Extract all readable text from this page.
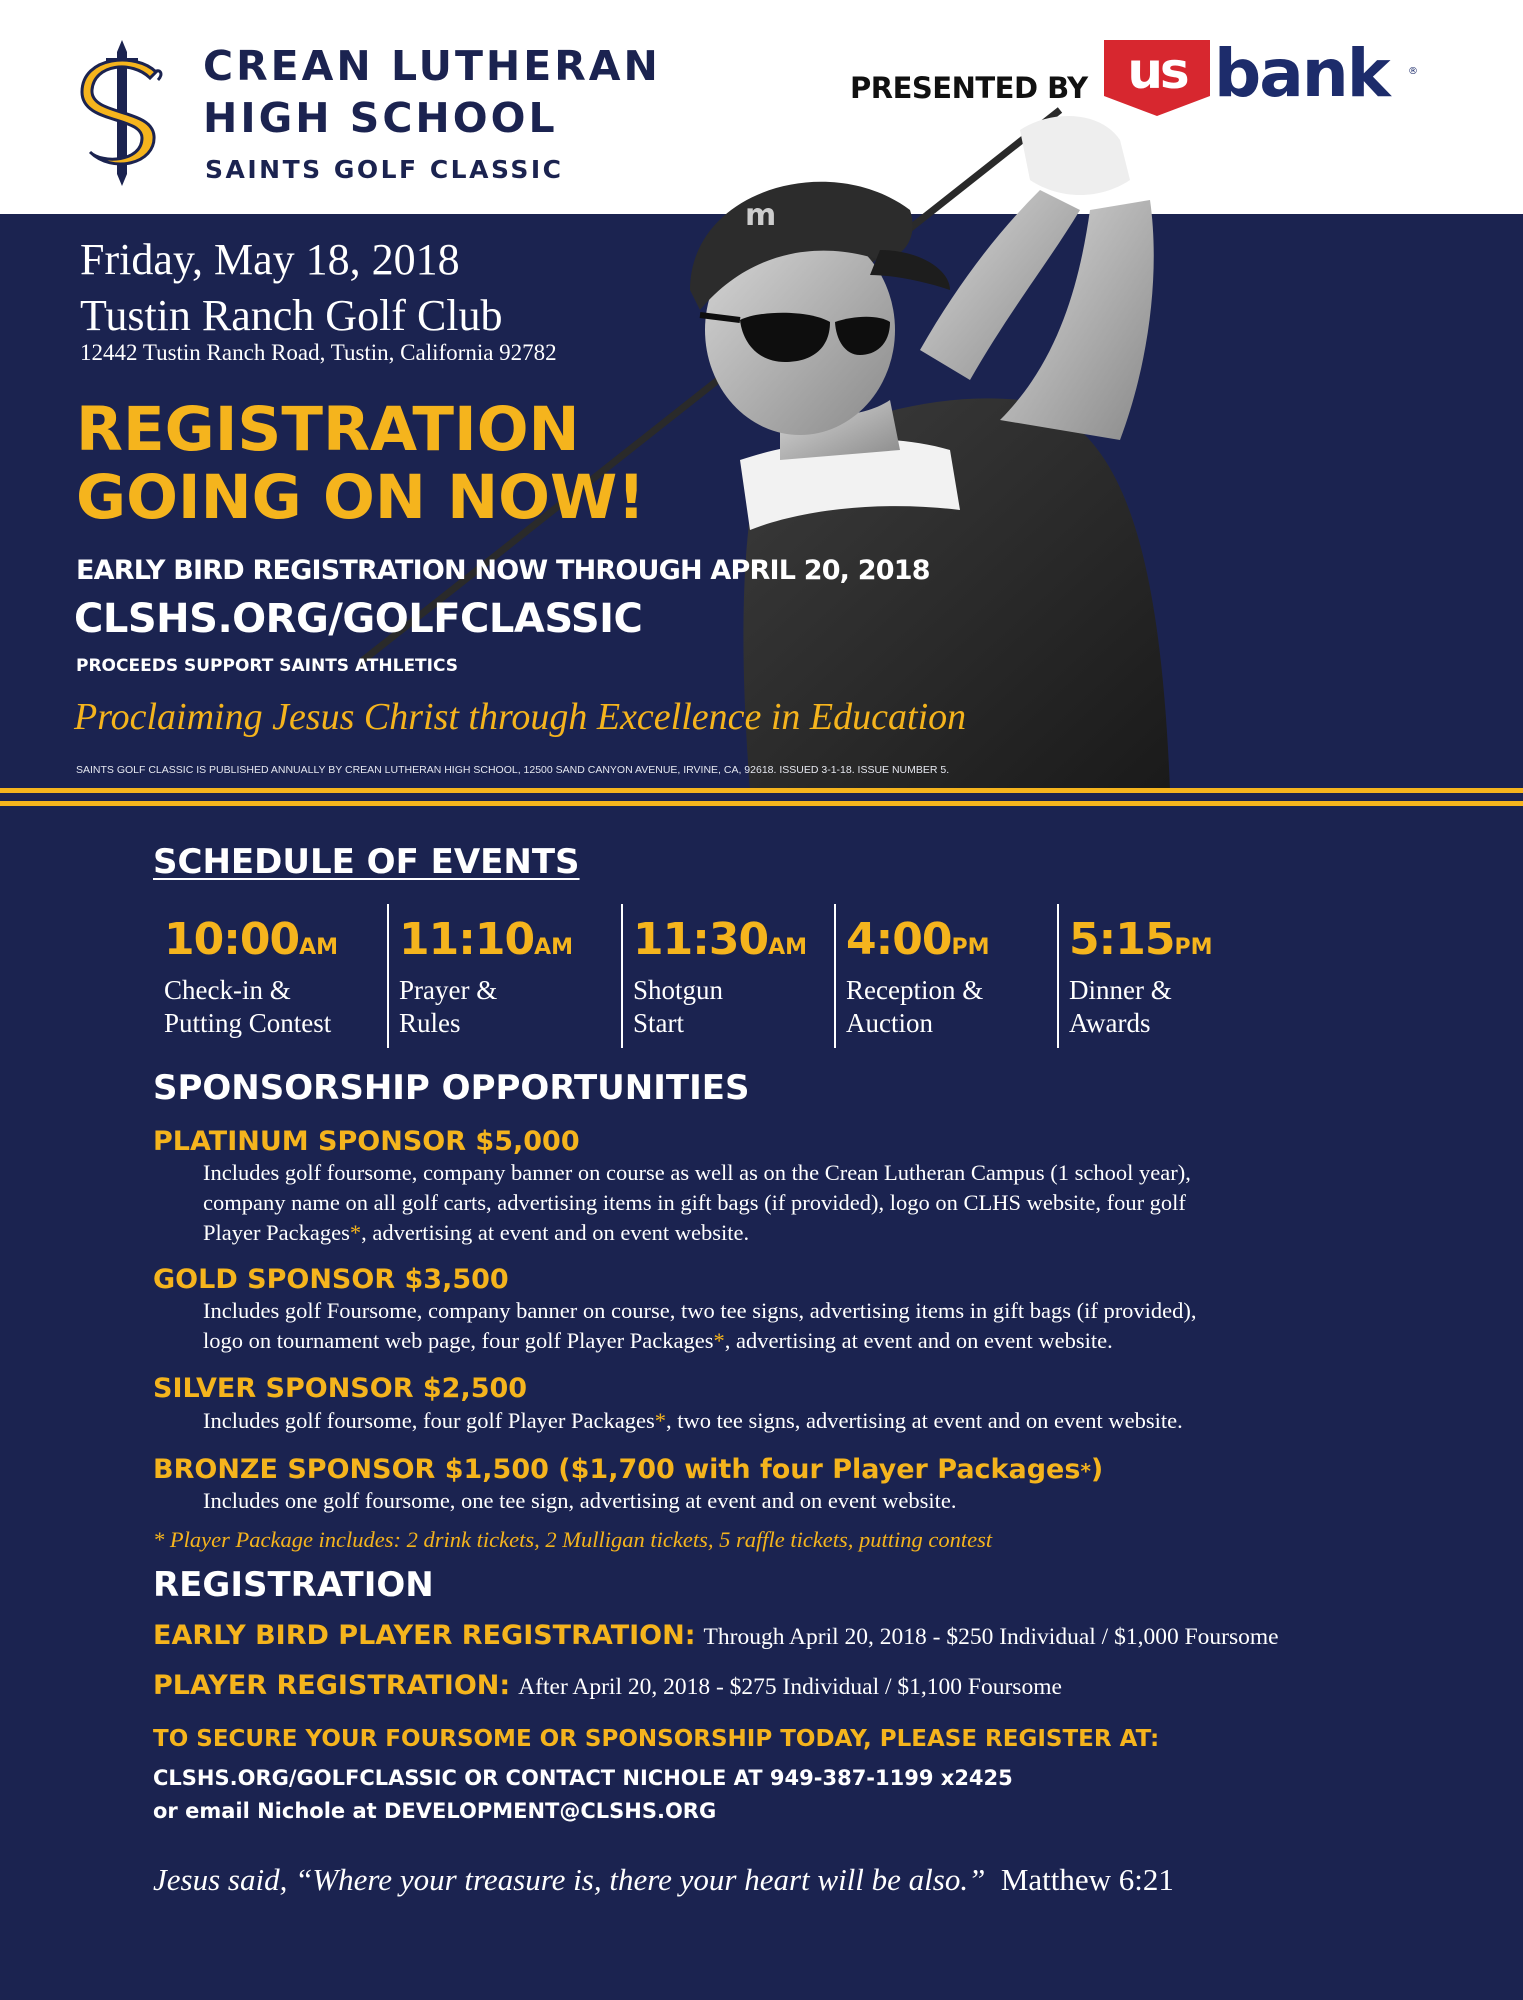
CREAN LUTHERAN
HIGH SCHOOL
SAINTS GOLF CLASSIC
PRESENTED BY us bank	®
m
Friday, May 18, 2018
Tustin Ranch Golf Club
12442 Tustin Ranch Road, Tustin, California 92782
REGISTRATION
GOING ON NOW!
EARLY BIRD REGISTRATION NOW THROUGH APRIL 20, 2018
CLSHS.ORG/GOLFCLASSIC
PROCEEDS SUPPORT SAINTS ATHLETICS
Proclaiming Jesus Christ through Excellence in Education
SAINTS GOLF CLASSIC IS PUBLISHED ANNUALLY BY CREAN LUTHERAN HIGH SCHOOL, 12500 SAND CANYON AVENUE, IRVINE, CA, 92618. ISSUED 3-1-18. ISSUE NUMBER 5.
SCHEDULE OF EVENTS
10:00AM
Check-in &
Putting Contest
11:10AM
Prayer &
Rules
11:30AM
Shotgun
Start
4:00PM
Reception &
Auction
5:15PM
Dinner &
Awards
SPONSORSHIP OPPORTUNITIES
PLATINUM SPONSOR $5,000
Includes golf foursome, company banner on course as well as on the Crean Lutheran Campus (1 school year),
company name on all golf carts, advertising items in gift bags (if provided), logo on CLHS website, four golf
Player Packages*, advertising at event and on event website.
GOLD SPONSOR $3,500
Includes golf Foursome, company banner on course, two tee signs, advertising items in gift bags (if provided),
logo on tournament web page, four golf Player Packages*, advertising at event and on event website.
SILVER SPONSOR $2,500
Includes golf foursome, four golf Player Packages*, two tee signs, advertising at event and on event website.
BRONZE SPONSOR $1,500 ($1,700 with four Player Packages*)
Includes one golf foursome, one tee sign, advertising at event and on event website.
* Player Package includes: 2 drink tickets, 2 Mulligan tickets, 5 raffle tickets, putting contest
REGISTRATION
EARLY BIRD PLAYER REGISTRATION: Through April 20, 2018 - $250 Individual / $1,000 Foursome
PLAYER REGISTRATION: After April 20, 2018 - $275 Individual / $1,100 Foursome
TO SECURE YOUR FOURSOME OR SPONSORSHIP TODAY, PLEASE REGISTER AT:
CLSHS.ORG/GOLFCLASSIC OR CONTACT NICHOLE AT 949-387-1199 x2425
or email Nichole at DEVELOPMENT@CLSHS.ORG
Jesus said, “Where your treasure is, there your heart will be also.” Matthew 6:21
